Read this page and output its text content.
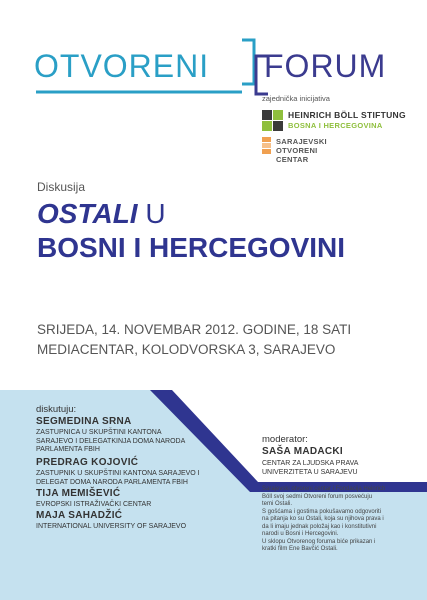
OTVORENI FORUM
zajednička inicijativa
HEINRICH BÖLL STIFTUNG
BOSNA I HERCEGOVINA
SARAJEVSKI
OTVORENI
CENTAR
Diskusija
OSTALI U
BOSNI I HERCEGOVINI
SRIJEDA, 14. NOVEMBAR 2012. GODINE, 18 SATI
MEDIACENTAR, KOLODVORSKA 3, SARAJEVO
diskutuju:
SEGMEDINA SRNA
ZASTUPNICA U SKUPŠTINI KANTONA
SARAJEVO I DELEGATKINJA DOMA NARODA
PARLAMENTA FBIH
PREDRAG KOJOVIĆ
ZASTUPNIK U SKUPŠTINI KANTONA SARAJEVO I
DELEGAT DOMA NARODA PARLAMENTA FBIH
TIJA MEMIŠEVIĆ
EVROPSKI ISTRAŽIVAČKI CENTAR
MAJA SAHADŽIĆ
INTERNATIONAL UNIVERSITY OF SARAJEVO
moderator:
SAŠA MADACKI
CENTAR ZA LJUDSKA PRAVA
UNIVERZITETA U SARAJEVU
Sarajevski otvoreni centar i Fondacija Heinrich
Böll svoj sedmi Otvoreni forum posvećuju
temi Ostali.
S gošćama i gostima pokušavamo odgovoriti
na pitanja ko su Ostali, koja su njihova prava i
da li imaju jednak položaj kao i konstitutivni
narodi u Bosni i Hercegovini.
U sklopu Otvorenog foruma biće prikazan i
kratki film Ene Bavčić Ostali.
